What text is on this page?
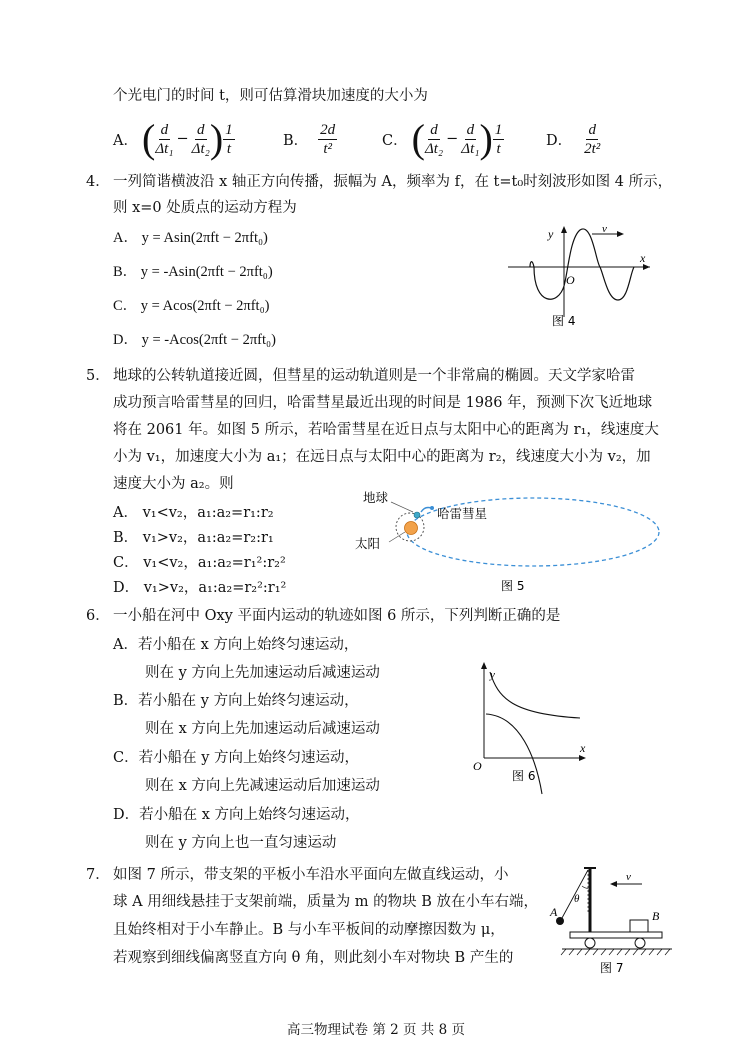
个光电门的时间 t，则可估算滑块加速度的大小为
A． ( $\frac{d}{\text{Δt₁}} - \frac{d}{\text{Δt₂}}$ ) $\frac{1}{t}$	B． $\frac{2d}{\text{t²}}$	C． ( $\frac{d}{\text{Δt₂}} - \frac{d}{\text{Δt₁}}$ ) $\frac{1}{t}$	D． $\frac{d}{\text{2t²}}$
4． 一列简谐横波沿 x 轴正方向传播，振幅为 A，频率为 f，在 t=t₀时刻波形如图 4 所示，
则 x=0 处质点的运动方程为
A． y = Asin(2πft − 2πft₀)
B． y = -Asin(2πft − 2πft₀)
C． y = Acos(2πft − 2πft₀)
D． y = -Acos(2πft − 2πft₀)
y
x
O
v
图 4
5． 地球的公转轨道接近圆，但彗星的运动轨道则是一个非常扁的椭圆。天文学家哈雷
成功预言哈雷彗星的回归，哈雷彗星最近出现的时间是 1986 年，预测下次飞近地球
将在 2061 年。如图 5 所示，若哈雷彗星在近日点与太阳中心的距离为 r₁，线速度大
小为 v₁，加速度大小为 a₁；在远日点与太阳中心的距离为 r₂，线速度大小为 v₂，加
速度大小为 a₂。则
A． v₁<v₂，a₁:a₂=r₁:r₂
B． v₁>v₂，a₁:a₂=r₂:r₁
C． v₁<v₂，a₁:a₂=r₁²:r₂²
D． v₁>v₂，a₁:a₂=r₂²:r₁²
地球
哈雷彗星
太阳
图 5
6． 一小船在河中 Oxy 平面内运动的轨迹如图 6 所示，下列判断正确的是
A．若小船在 x 方向上始终匀速运动，
则在 y 方向上先加速运动后减速运动
B．若小船在 y 方向上始终匀速运动，
则在 x 方向上先加速运动后减速运动
C．若小船在 y 方向上始终匀速运动，
则在 x 方向上先减速运动后加速运动
D．若小船在 x 方向上始终匀速运动，
则在 y 方向上也一直匀速运动
y
x
O
图 6
7． 如图 7 所示，带支架的平板小车沿水平面向左做直线运动，小
球 A 用细线悬挂于支架前端，质量为 m 的物块 B 放在小车右端，
且始终相对于小车静止。B 与小车平板间的动摩擦因数为 μ，
若观察到细线偏离竖直方向 θ 角，则此刻小车对物块 B 产生的
v
A	B
θ
图 7
高三物理试卷 第 2 页 共 8 页
